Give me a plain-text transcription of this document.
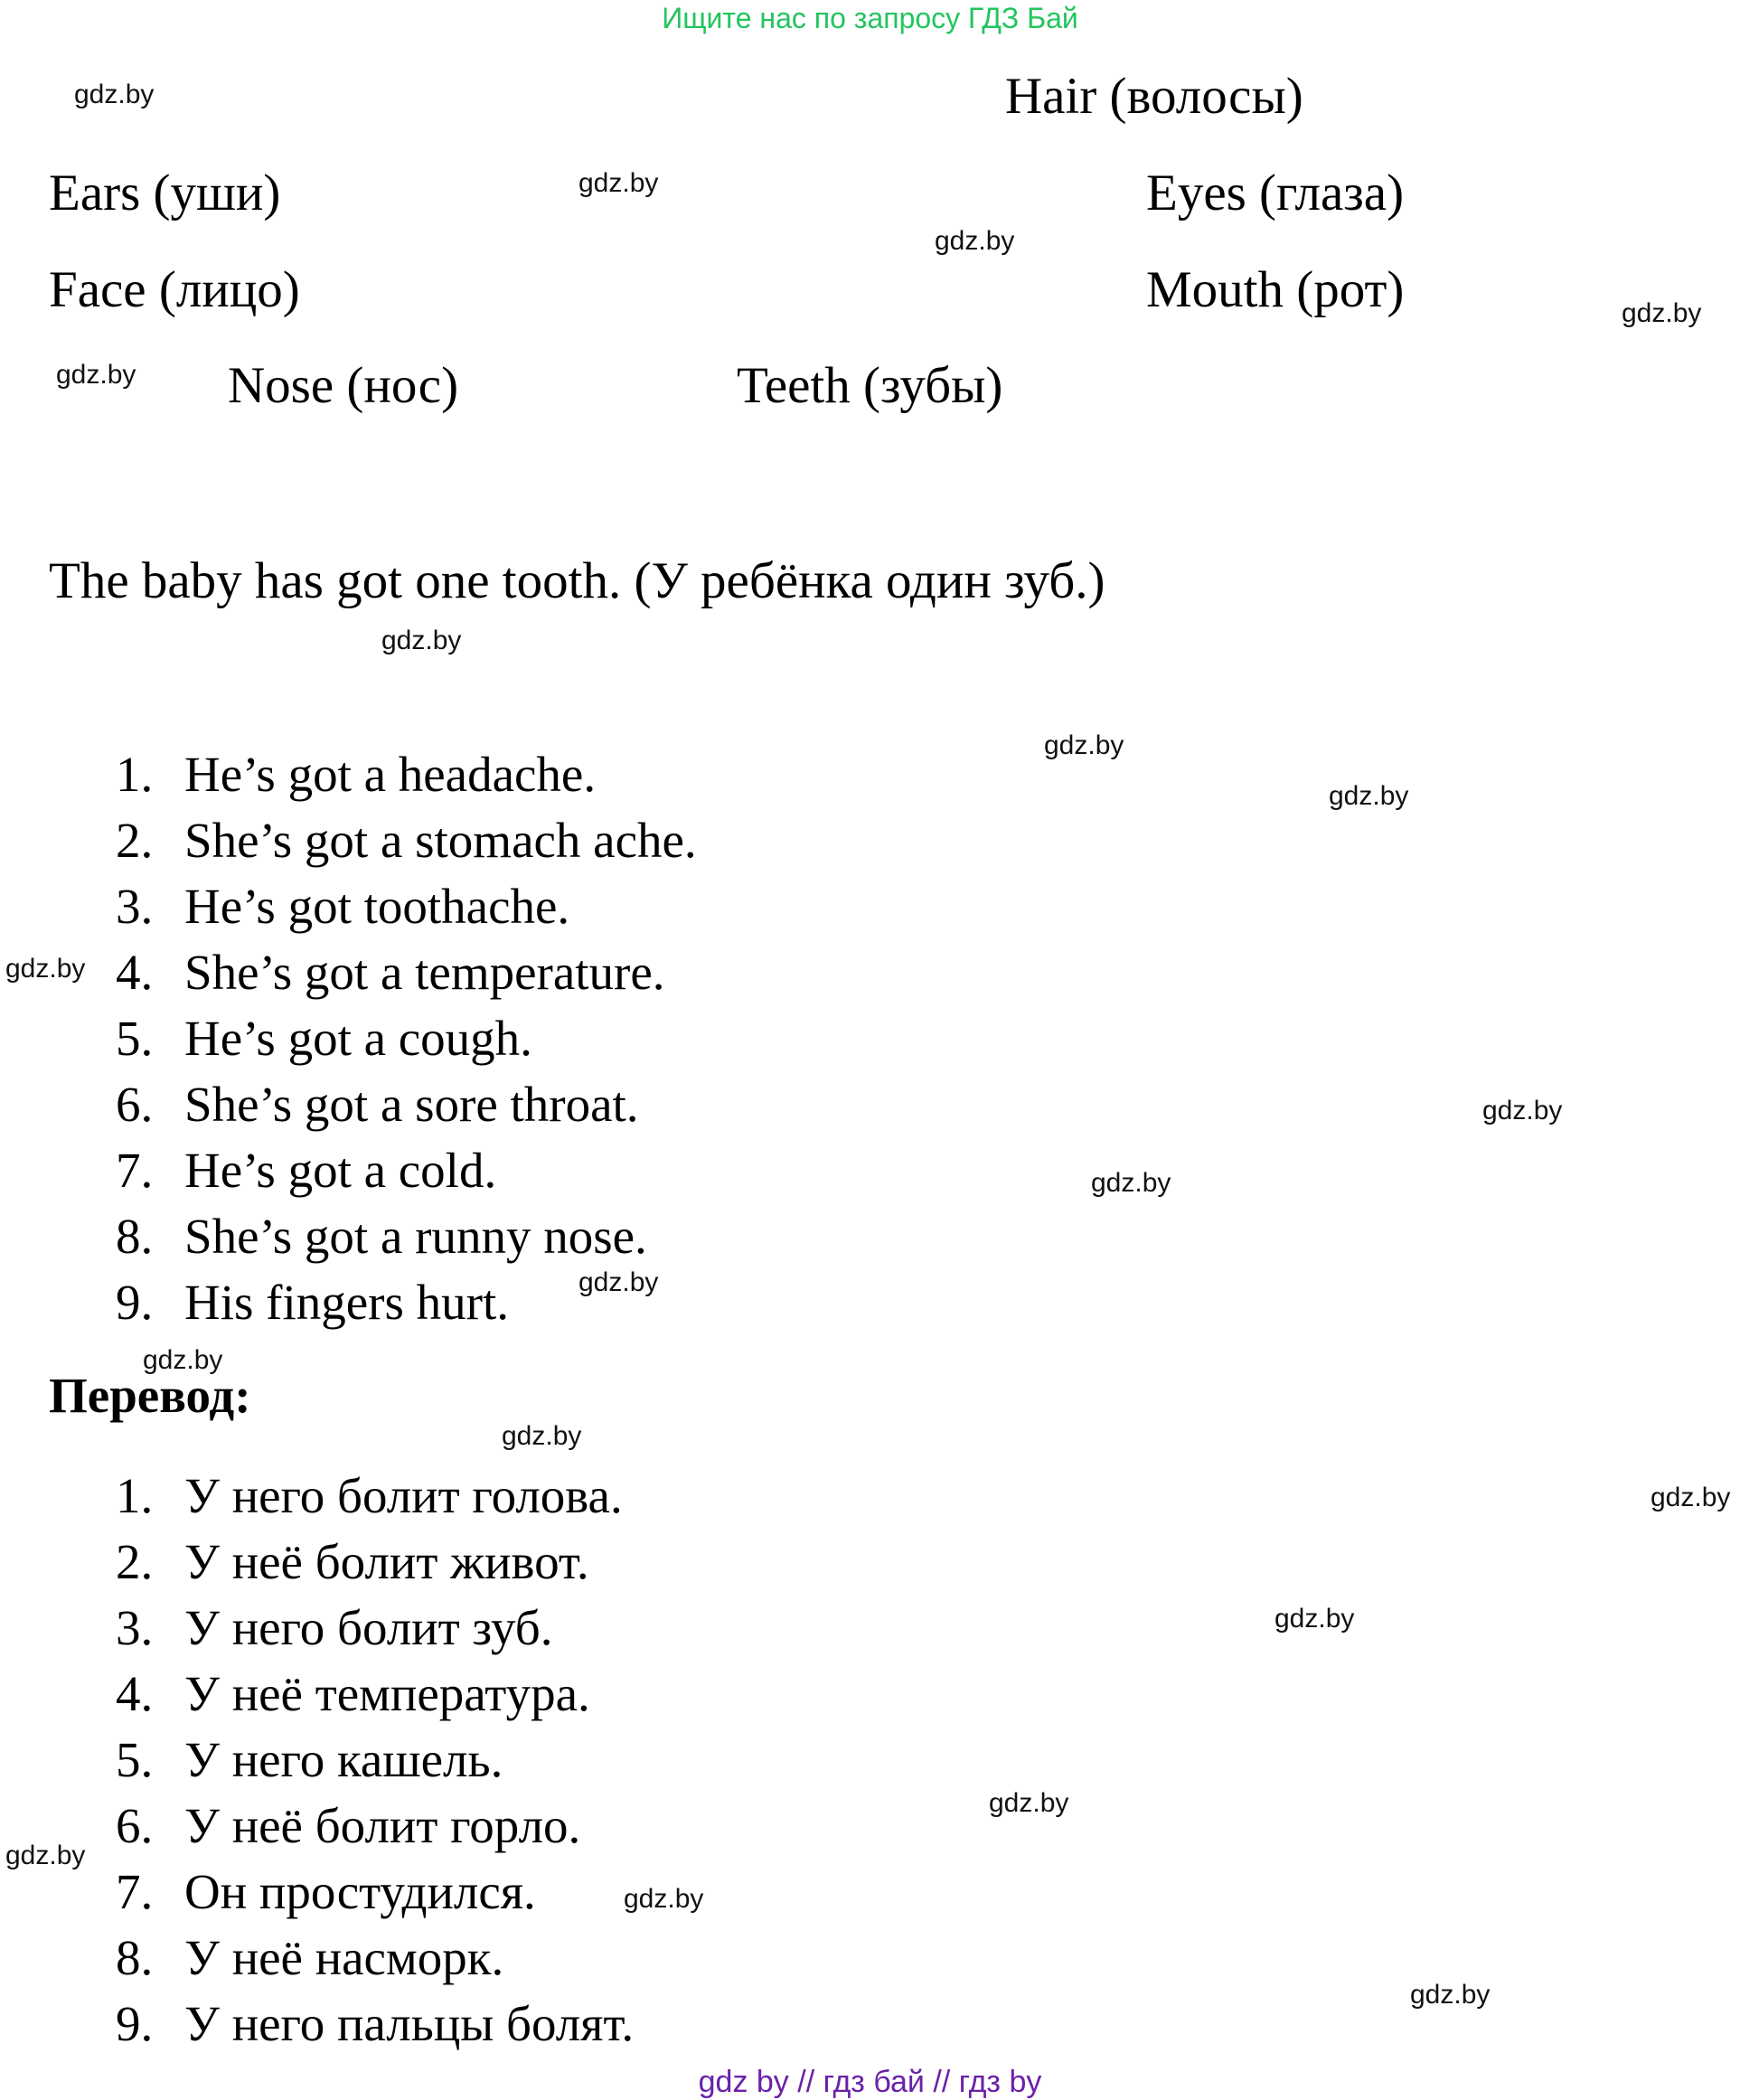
Ищите нас по запросу ГДЗ Бай
Hair (волосы)
Ears (уши)	Eyes (глаза)
Face (лицо)	Mouth (рот)
Nose (нос)	Teeth (зубы)
The baby has got one tooth. (У ребёнка один зуб.)
1. He’s got a headache.
2. She’s got a stomach ache.
3. He’s got toothache.
4. She’s got a temperature.
5. He’s got a cough.
6. She’s got a sore throat.
7. He’s got a cold.
8. She’s got a runny nose.
9. His fingers hurt.
Перевод:
1. У него болит голова.
2. У неё болит живот.
3. У него болит зуб.
4. У неё температура.
5. У него кашель.
6. У неё болит горло.
7. Он простудился.
8. У неё насморк.
9. У него пальцы болят.
gdz.by
gdz.by
gdz.by
gdz.by
gdz.by
gdz.by
gdz.by
gdz.by
gdz.by
gdz.by
gdz.by
gdz.by
gdz.by
gdz.by
gdz.by
gdz.by
gdz.by
gdz.by
gdz.by
gdz.by
gdz by // гдз бай // гдз by
